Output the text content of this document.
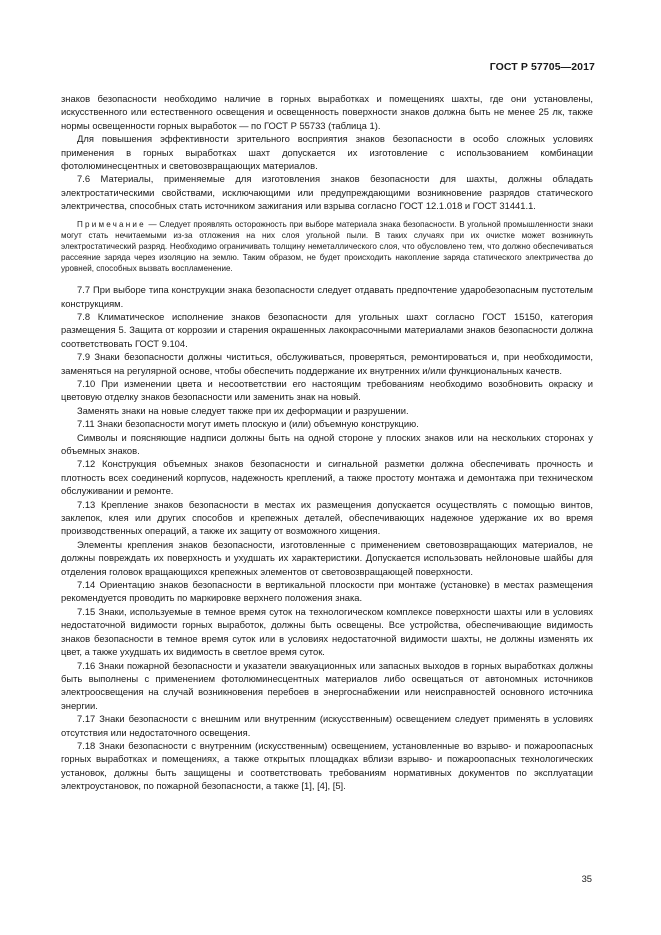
ГОСТ Р 57705—2017

знаков безопасности необходимо наличие в горных выработках и помещениях шахты, где они установлены, искусственного или естественного освещения и освещенность поверхности знаков должна быть не менее 25 лк, также нормы освещенности горных выработок — по ГОСТ Р 55733 (таблица 1).

Для повышения эффективности зрительного восприятия знаков безопасности в особо сложных условиях применения в горных выработках шахт допускается их изготовление с использованием комбинации фотолюминесцентных и световозвращающих материалов.

7.6 Материалы, применяемые для изготовления знаков безопасности для шахты, должны обладать электростатическими свойствами, исключающими или предупреждающими возникновение разрядов статического электричества, способных стать источником зажигания или взрыва согласно ГОСТ 12.1.018 и ГОСТ 31441.1.

Примечание — Следует проявлять осторожность при выборе материала знака безопасности. В угольной промышленности знаки могут стать нечитаемыми из-за отложения на них слоя угольной пыли. В таких случаях при их очистке может возникнуть электростатический разряд. Необходимо ограничивать толщину неметаллического слоя, что обусловлено тем, что должно обеспечиваться рассеяние заряда через изоляцию на землю. Таким образом, не будет происходить накопление заряда статического электричества до уровней, способных вызвать воспламенение.

7.7 При выборе типа конструкции знака безопасности следует отдавать предпочтение ударобезопасным пустотелым конструкциям.

7.8 Климатическое исполнение знаков безопасности для угольных шахт согласно ГОСТ 15150, категория размещения 5. Защита от коррозии и старения окрашенных лакокрасочными материалами знаков безопасности должна соответствовать ГОСТ 9.104.

7.9 Знаки безопасности должны чиститься, обслуживаться, проверяться, ремонтироваться и, при необходимости, заменяться на регулярной основе, чтобы обеспечить поддержание их внутренних и/или функциональных качеств.

7.10 При изменении цвета и несоответствии его настоящим требованиям необходимо возобновить окраску и цветовую отделку знаков безопасности или заменить знак на новый.

Заменять знаки на новые следует также при их деформации и разрушении.

7.11 Знаки безопасности могут иметь плоскую и (или) объемную конструкцию.

Символы и поясняющие надписи должны быть на одной стороне у плоских знаков или на нескольких сторонах у объемных знаков.

7.12 Конструкция объемных знаков безопасности и сигнальной разметки должна обеспечивать прочность и плотность всех соединений корпусов, надежность креплений, а также простоту монтажа и демонтажа при техническом обслуживании и ремонте.

7.13 Крепление знаков безопасности в местах их размещения допускается осуществлять с помощью винтов, заклепок, клея или других способов и крепежных деталей, обеспечивающих надежное удержание их во время производственных операций, а также их защиту от возможного хищения.

Элементы крепления знаков безопасности, изготовленные с применением световозвращающих материалов, не должны повреждать их поверхность и ухудшать их характеристики. Допускается использовать нейлоновые шайбы для отделения головок вращающихся крепежных элементов от световозвращающей поверхности.

7.14 Ориентацию знаков безопасности в вертикальной плоскости при монтаже (установке) в местах размещения рекомендуется проводить по маркировке верхнего положения знака.

7.15 Знаки, используемые в темное время суток на технологическом комплексе поверхности шахты или в условиях недостаточной видимости горных выработок, должны быть освещены. Все устройства, обеспечивающие видимость знаков безопасности в темное время суток или в условиях недостаточной видимости шахты, не должны изменять их цвет, а также ухудшать их видимость в светлое время суток.

7.16 Знаки пожарной безопасности и указатели эвакуационных или запасных выходов в горных выработках должны быть выполнены с применением фотолюминесцентных материалов либо освещаться от автономных источников электроосвещения на случай возникновения перебоев в энергоснабжении или неисправностей основного источника энергии.

7.17 Знаки безопасности с внешним или внутренним (искусственным) освещением следует применять в условиях отсутствия или недостаточного освещения.

7.18 Знаки безопасности с внутренним (искусственным) освещением, установленные во взрыво- и пожароопасных горных выработках и помещениях, а также открытых площадках вблизи взрыво- и пожароопасных технологических установок, должны быть защищены и соответствовать требованиям нормативных документов по эксплуатации электроустановок, по пожарной безопасности, а также [1], [4], [5].

35
